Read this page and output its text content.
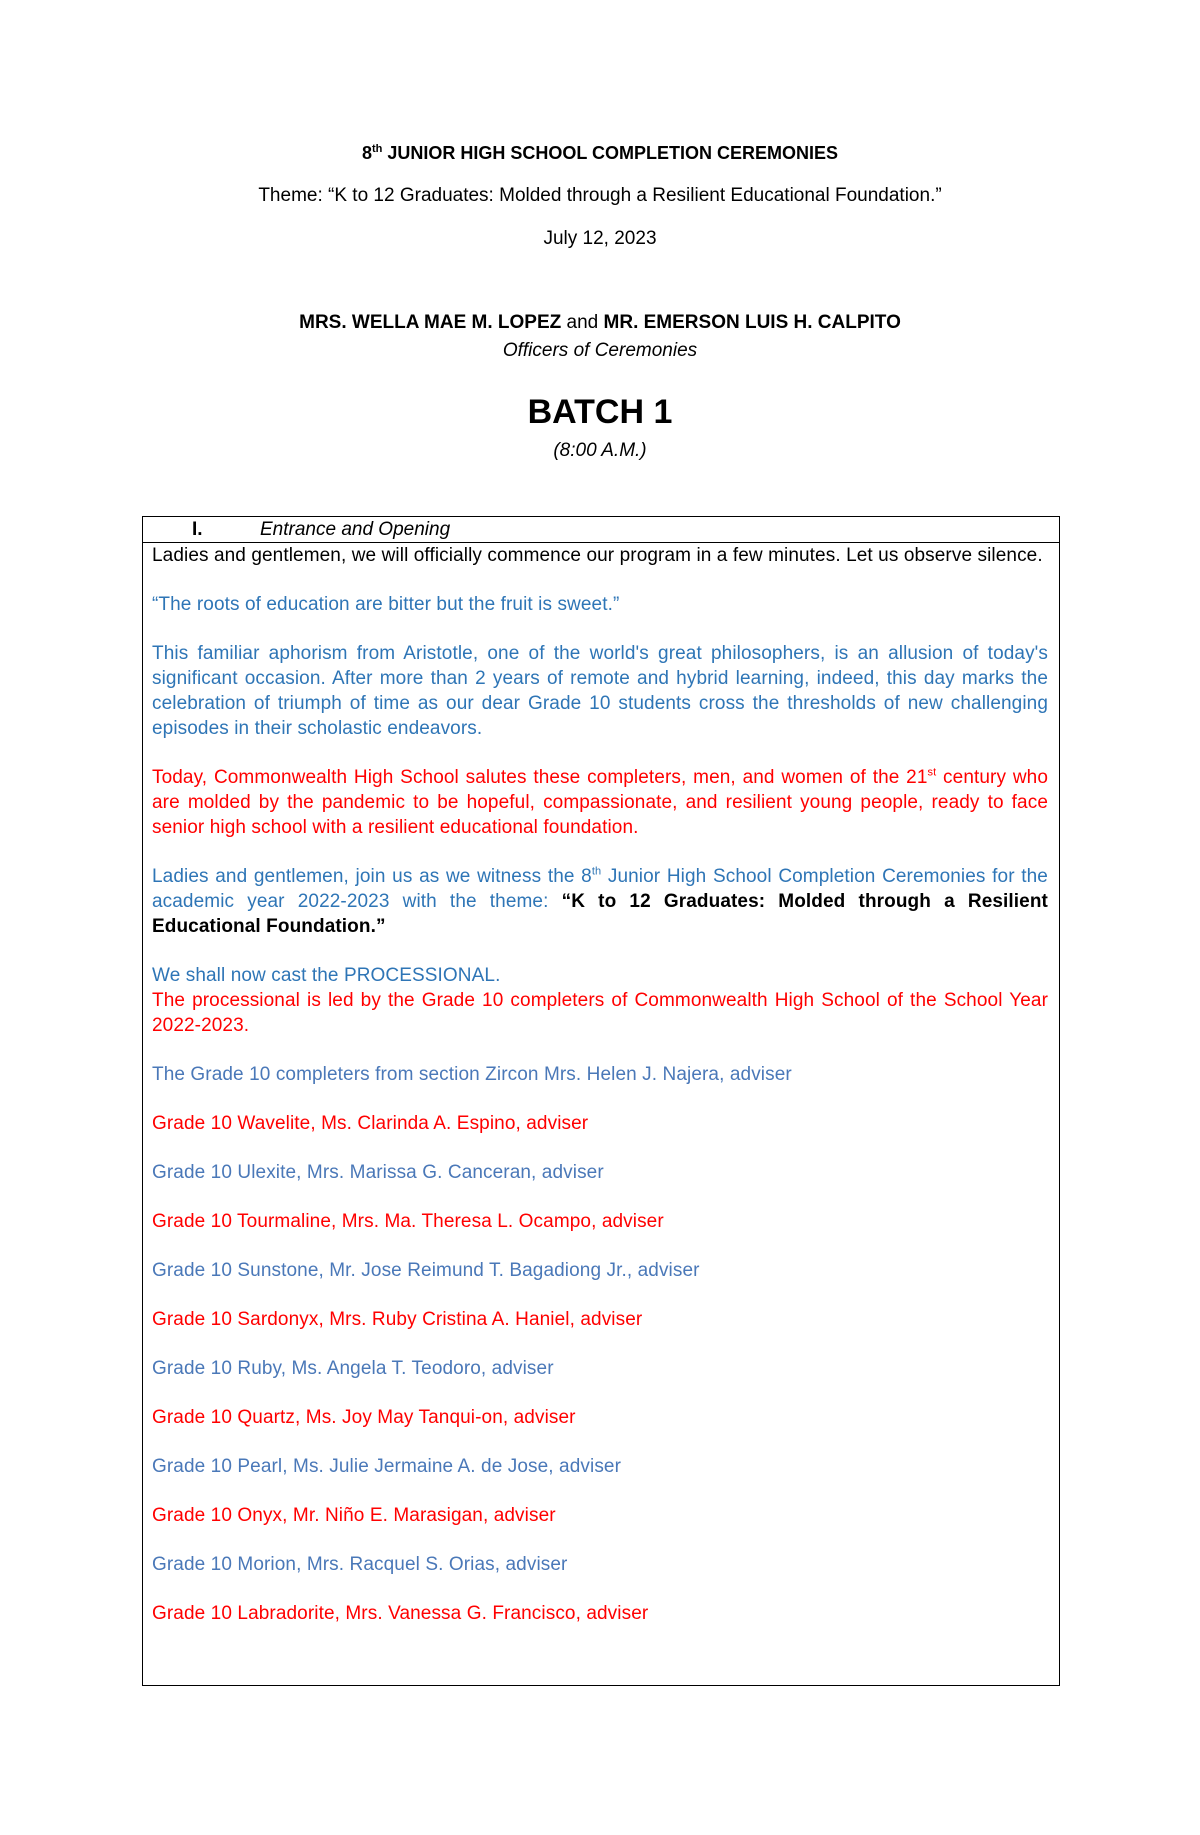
8th JUNIOR HIGH SCHOOL COMPLETION CEREMONIES
Theme: “K to 12 Graduates: Molded through a Resilient Educational Foundation.”
July 12, 2023
MRS. WELLA MAE M. LOPEZ and MR. EMERSON LUIS H. CALPITO
Officers of Ceremonies
BATCH 1
(8:00 A.M.)
I.	Entrance and Opening

Ladies and gentlemen, we will officially commence our program in a few minutes. Let us observe silence.

“The roots of education are bitter but the fruit is sweet.”

This familiar aphorism from Aristotle, one of the world's great philosophers, is an allusion of today's significant occasion. After more than 2 years of remote and hybrid learning, indeed, this day marks the celebration of triumph of time as our dear Grade 10 students cross the thresholds of new challenging episodes in their scholastic endeavors.

Today, Commonwealth High School salutes these completers, men, and women of the 21st century who are molded by the pandemic to be hopeful, compassionate, and resilient young people, ready to face senior high school with a resilient educational foundation.

Ladies and gentlemen, join us as we witness the 8th Junior High School Completion Ceremonies for the academic year 2022-2023 with the theme: “K to 12 Graduates: Molded through a Resilient Educational Foundation.”

We shall now cast the PROCESSIONAL.

The processional is led by the Grade 10 completers of Commonwealth High School of the School Year 2022-2023.

The Grade 10 completers from section Zircon Mrs. Helen J. Najera, adviser

Grade 10 Wavelite, Ms. Clarinda A. Espino, adviser

Grade 10 Ulexite, Mrs. Marissa G. Canceran, adviser

Grade 10 Tourmaline, Mrs. Ma. Theresa L. Ocampo, adviser

Grade 10 Sunstone, Mr. Jose Reimund T. Bagadiong Jr., adviser

Grade 10 Sardonyx, Mrs. Ruby Cristina A. Haniel, adviser

Grade 10 Ruby, Ms. Angela T. Teodoro, adviser

Grade 10 Quartz, Ms. Joy May Tanqui-on, adviser

Grade 10 Pearl, Ms. Julie Jermaine A. de Jose, adviser

Grade 10 Onyx, Mr. Niño E. Marasigan, adviser

Grade 10 Morion, Mrs. Racquel S. Orias, adviser

Grade 10 Labradorite, Mrs. Vanessa G. Francisco, adviser
